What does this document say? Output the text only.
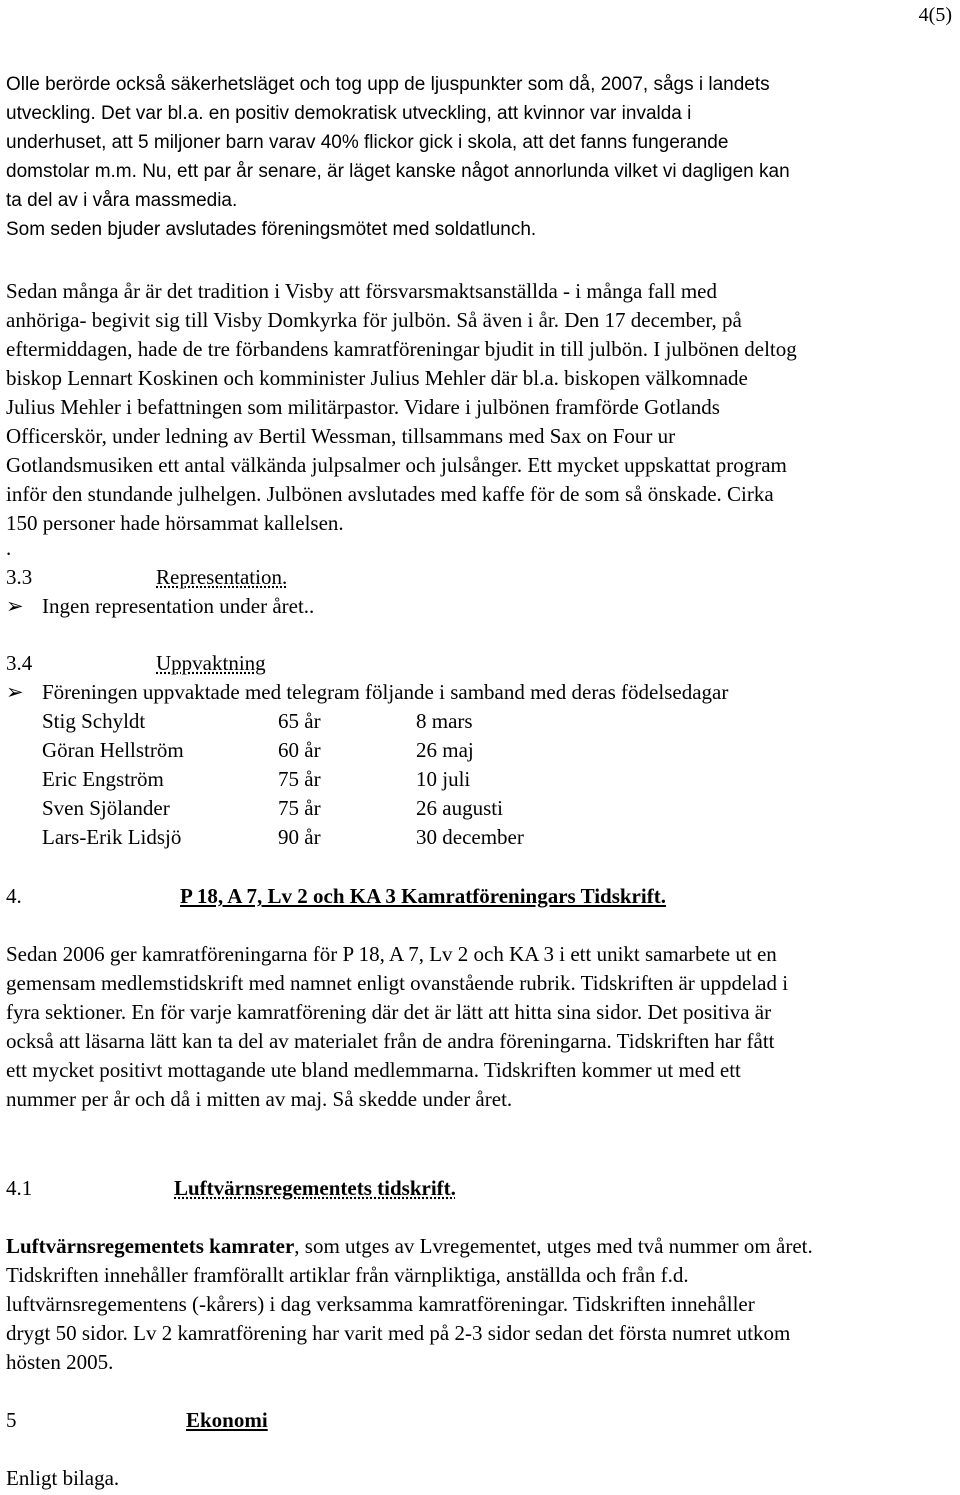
4(5)
Olle berörde också säkerhetsläget och tog upp de ljuspunkter som då, 2007, sågs i landets
utveckling. Det var bl.a. en positiv demokratisk utveckling, att kvinnor var invalda i
underhuset, att 5 miljoner barn varav 40% flickor gick i skola, att det fanns fungerande
domstolar m.m. Nu, ett par år senare, är läget kanske något annorlunda vilket vi dagligen kan
ta del av i våra massmedia.
Som seden bjuder avslutades föreningsmötet med soldatlunch.
Sedan många år är det tradition i Visby att försvarsmaktsanställda - i många fall med
anhöriga- begivit sig till Visby Domkyrka för julbön. Så även i år. Den 17 december, på
eftermiddagen, hade de tre förbandens kamratföreningar bjudit in till julbön. I julbönen deltog
biskop Lennart Koskinen och komminister Julius Mehler där bl.a. biskopen välkomnade
Julius Mehler i befattningen som militärpastor. Vidare i julbönen framförde Gotlands
Officerskör, under ledning av Bertil Wessman, tillsammans med Sax on Four ur
Gotlandsmusiken ett antal välkända julpsalmer och julsånger. Ett mycket uppskattat program
inför den stundande julhelgen. Julbönen avslutades med kaffe för de som så önskade. Cirka
150 personer hade hörsammat kallelsen.
.
3.3	Representation.
➢ Ingen representation under året..
3.4	Uppvaktning
➢ Föreningen uppvaktade med telegram följande i samband med deras födelsedagar
Stig Schyldt	65 år	8 mars
Göran Hellström	60 år	26 maj
Eric Engström	75 år	10 juli
Sven Sjölander	75 år	26 augusti
Lars-Erik Lidsjö	90 år	30 december
4.	P 18, A 7, Lv 2 och KA 3 Kamratföreningars Tidskrift.
Sedan 2006 ger kamratföreningarna för P 18, A 7, Lv 2 och KA 3 i ett unikt samarbete ut en
gemensam medlemstidskrift med namnet enligt ovanstående rubrik. Tidskriften är uppdelad i
fyra sektioner. En för varje kamratförening där det är lätt att hitta sina sidor. Det positiva är
också att läsarna lätt kan ta del av materialet från de andra föreningarna. Tidskriften har fått
ett mycket positivt mottagande ute bland medlemmarna. Tidskriften kommer ut med ett
nummer per år och då i mitten av maj. Så skedde under året.
4.1	Luftvärnsregementets tidskrift.
Luftvärnsregementets kamrater, som utges av Lvregementet, utges med två nummer om året.
Tidskriften innehåller framförallt artiklar från värnpliktiga, anställda och från f.d.
luftvärnsregementens (-kårers) i dag verksamma kamratföreningar. Tidskriften innehåller
drygt 50 sidor. Lv 2 kamratförening har varit med på 2-3 sidor sedan det första numret utkom
hösten 2005.
5	Ekonomi
Enligt bilaga.
